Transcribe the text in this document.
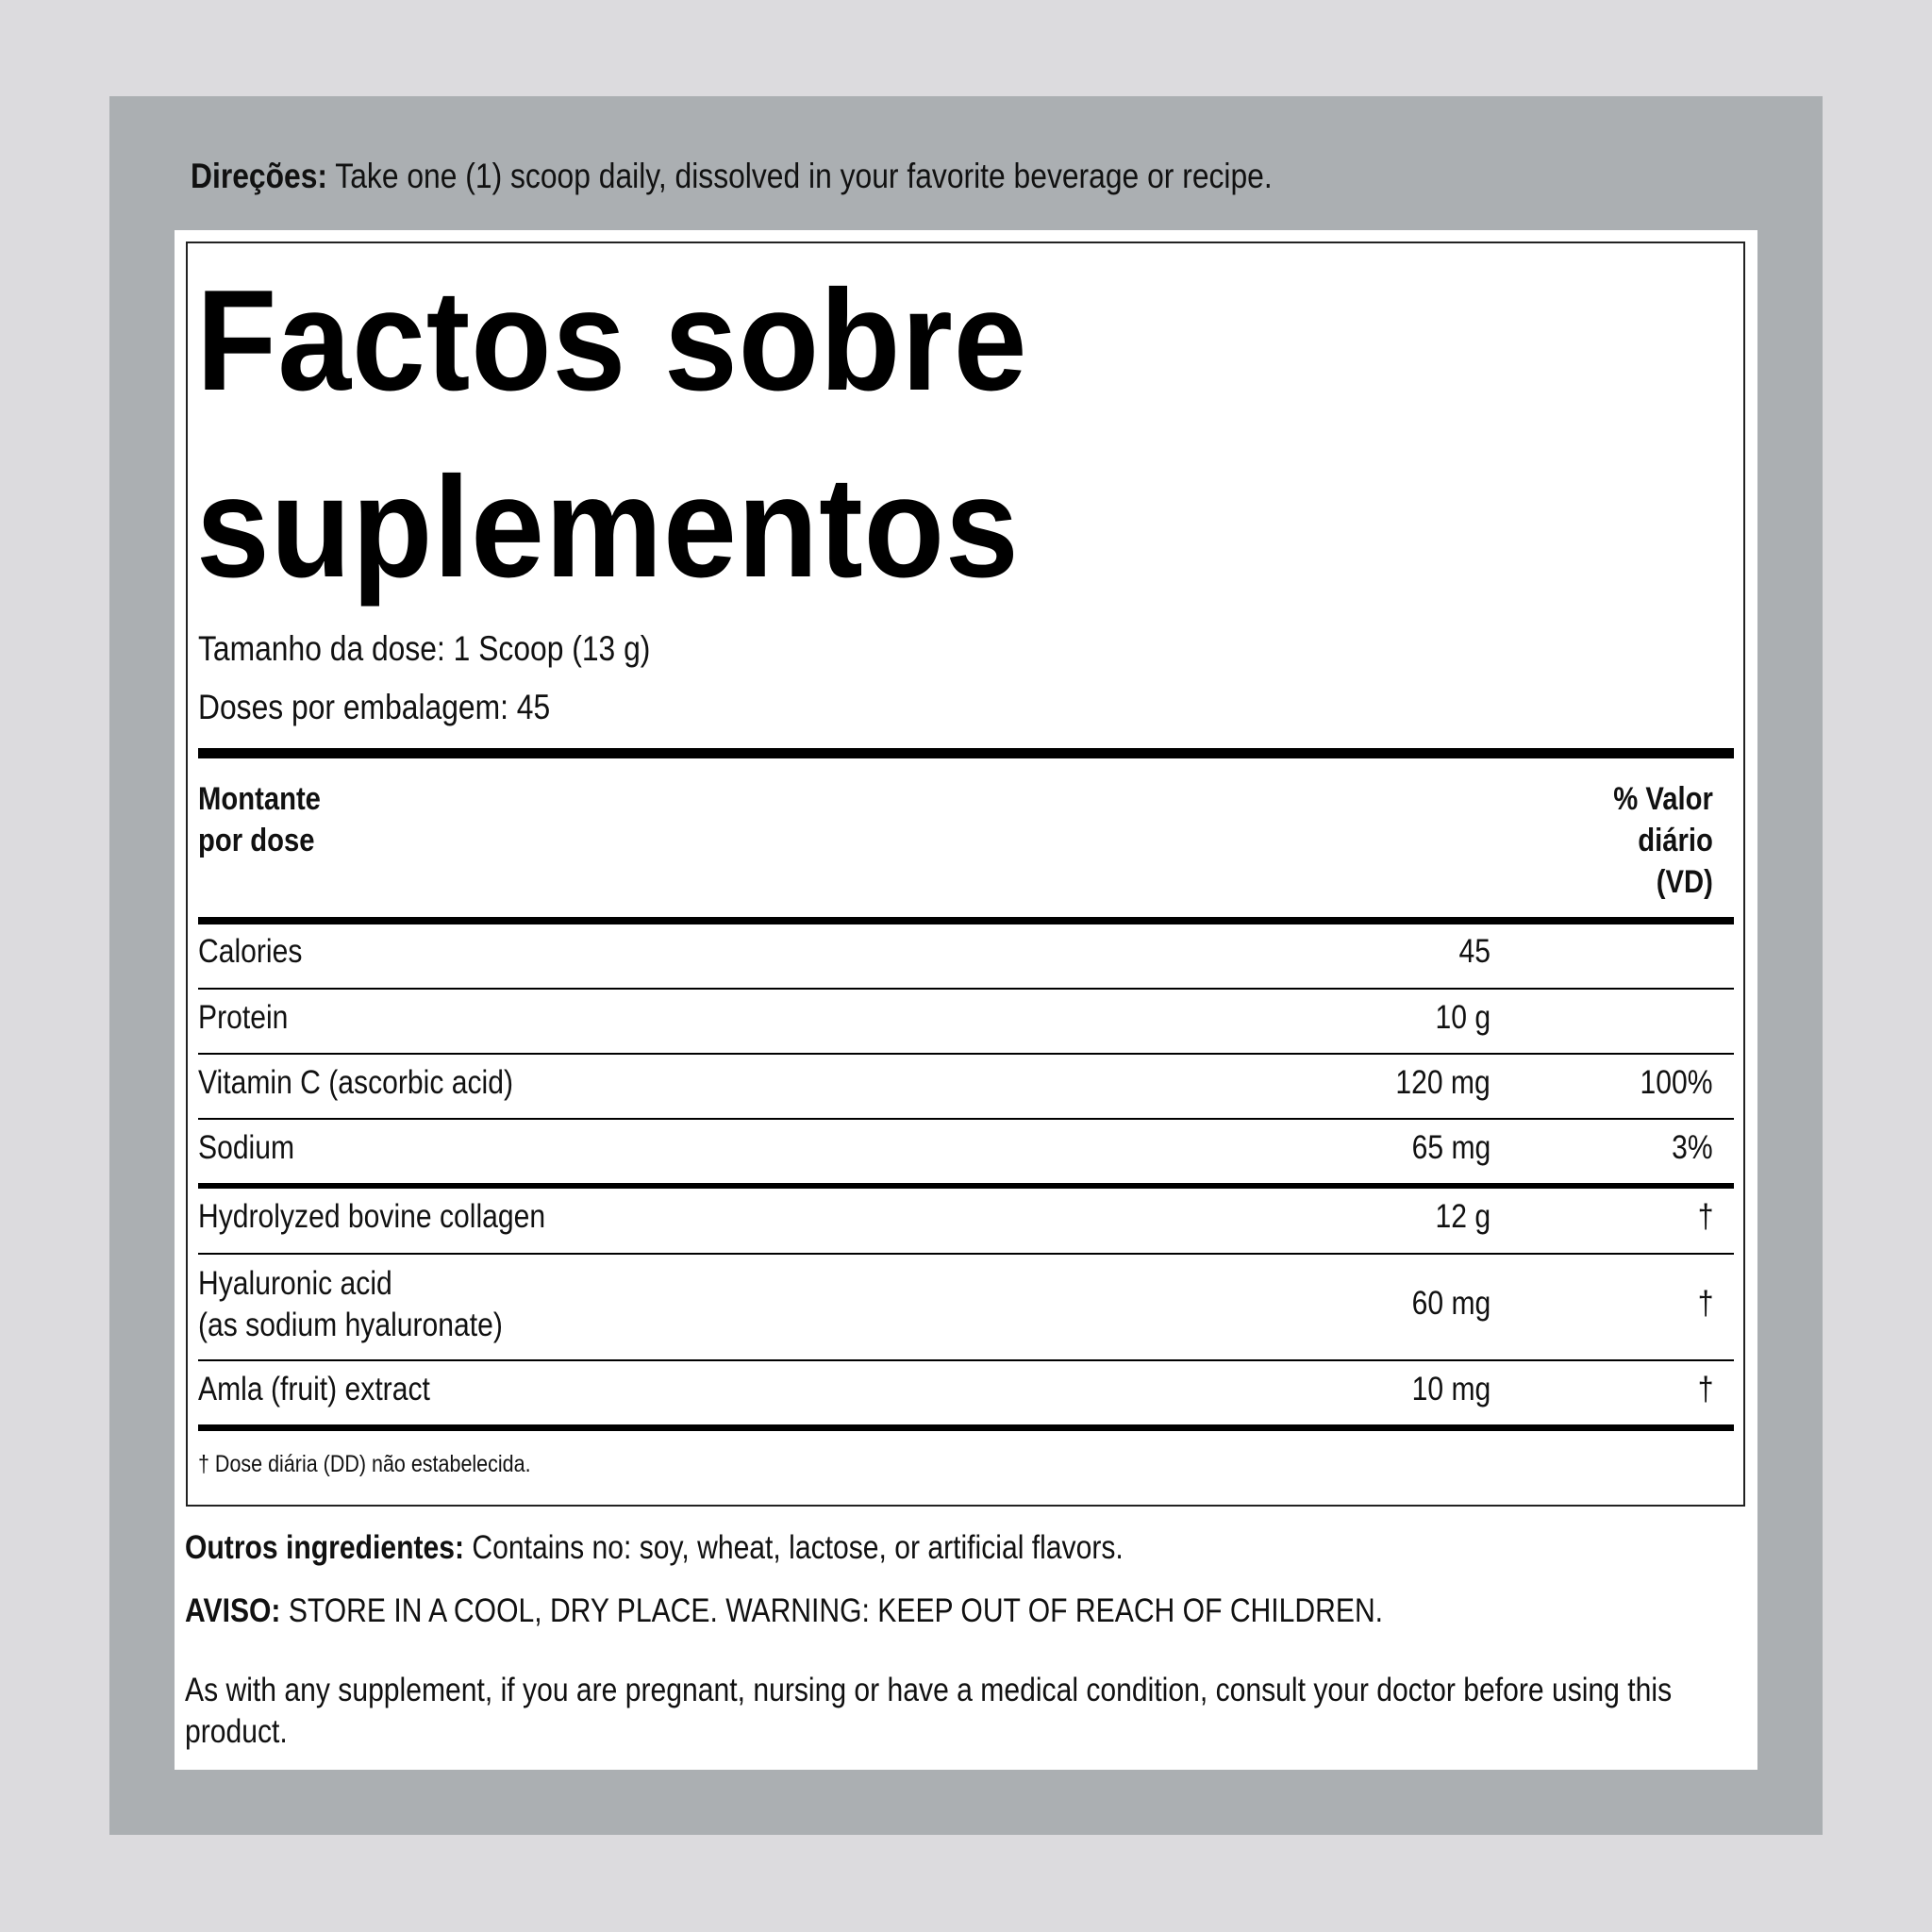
Direções: Take one (1) scoop daily, dissolved in your favorite beverage or recipe.
Factos sobre
suplementos
Tamanho da dose: 1 Scoop (13 g)
Doses por embalagem: 45
Montante
por dose
% Valor
diário
(VD)
Calories	45
Protein	10 g
Vitamin C (ascorbic acid)	120 mg	100%
Sodium	65 mg	3%
Hydrolyzed bovine collagen	12 g	†
Hyaluronic acid
(as sodium hyaluronate)
60 mg	†
Amla (fruit) extract	10 mg	†
† Dose diária (DD) não estabelecida.
Outros ingredientes: Contains no: soy, wheat, lactose, or artificial flavors.
AVISO: STORE IN A COOL, DRY PLACE. WARNING: KEEP OUT OF REACH OF CHILDREN.
As with any supplement, if you are pregnant, nursing or have a medical condition, consult your doctor before using this product.
